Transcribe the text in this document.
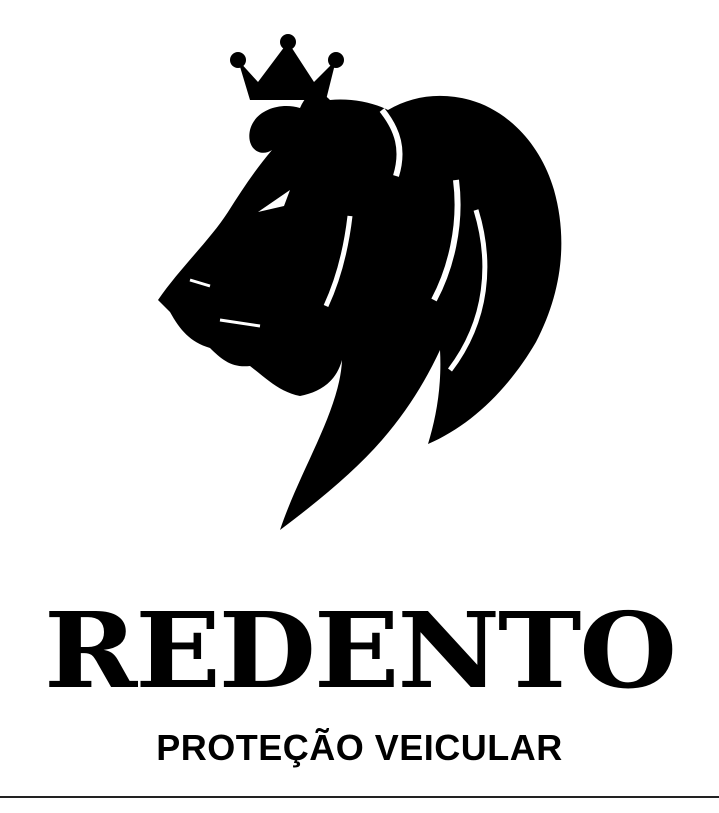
REDENTO
PROTEÇÃO VEICULAR
